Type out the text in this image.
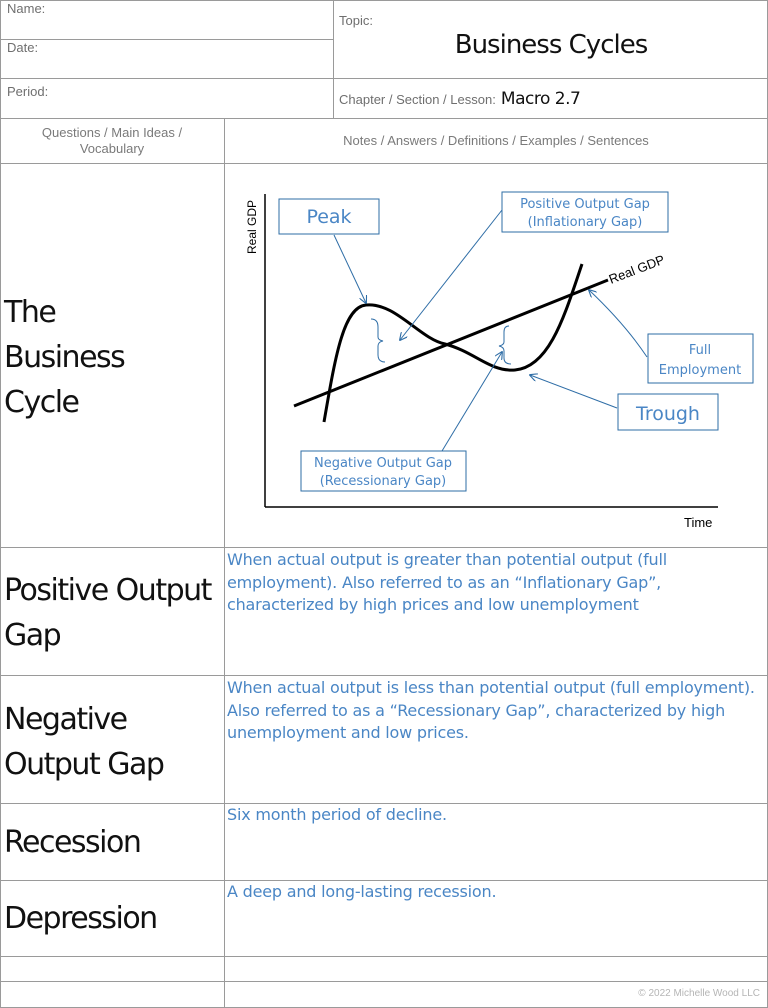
Name:
Date:
Period:
Topic:
Business Cycles
Chapter / Section / Lesson: Macro 2.7
Questions / Main Ideas / Vocabulary
Notes / Answers / Definitions / Examples / Sentences
The Business Cycle
Real GDP
Time
Real GDP
Peak
Positive Output Gap
(Inflationary Gap)
Full
Employment
Trough
Negative Output Gap
(Recessionary Gap)
Positive Output Gap
When actual output is greater than potential output (full employment). Also referred to as an “Inflationary Gap”, characterized by high prices and low unemployment
Negative Output Gap
When actual output is less than potential output (full employment). Also referred to as a “Recessionary Gap”, characterized by high unemployment and low prices.
Recession
Six month period of decline.
Depression
A deep and long-lasting recession.
© 2022 Michelle Wood LLC
